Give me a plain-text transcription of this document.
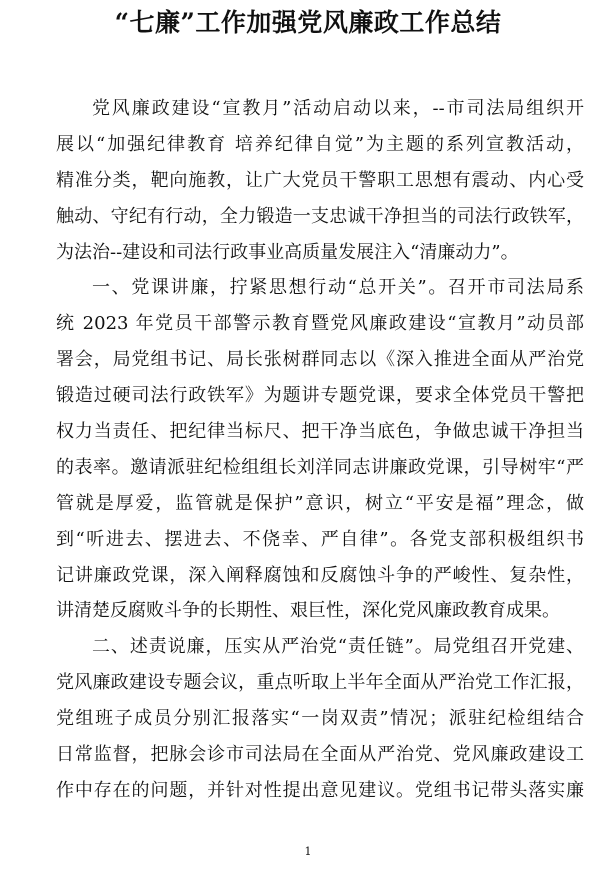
“七廉”工作加强党风廉政工作总结
党风廉政建设“宣教月”活动启动以来，--市司法局组织开
展以“加强纪律教育 培养纪律自觉”为主题的系列宣教活动，
精准分类，靶向施教，让广大党员干警职工思想有震动、内心受
触动、守纪有行动，全力锻造一支忠诚干净担当的司法行政铁军，
为法治--建设和司法行政事业高质量发展注入“清廉动力”。
一、党课讲廉，拧紧思想行动“总开关”。召开市司法局系
统 2023 年党员干部警示教育暨党风廉政建设“宣教月”动员部
署会，局党组书记、局长张树群同志以《深入推进全面从严治党
锻造过硬司法行政铁军》为题讲专题党课，要求全体党员干警把
权力当责任、把纪律当标尺、把干净当底色，争做忠诚干净担当
的表率。邀请派驻纪检组组长刘洋同志讲廉政党课，引导树牢“严
管就是厚爱，监管就是保护”意识，树立“平安是福”理念，做
到“听进去、摆进去、不侥幸、严自律”。各党支部积极组织书
记讲廉政党课，深入阐释腐蚀和反腐蚀斗争的严峻性、复杂性，
讲清楚反腐败斗争的长期性、艰巨性，深化党风廉政教育成果。
二、述责说廉，压实从严治党“责任链”。局党组召开党建、
党风廉政建设专题会议，重点听取上半年全面从严治党工作汇报，
党组班子成员分别汇报落实“一岗双责”情况；派驻纪检组结合
日常监督，把脉会诊市司法局在全面从严治党、党风廉政建设工
作中存在的问题，并针对性提出意见建议。党组书记带头落实廉
1
